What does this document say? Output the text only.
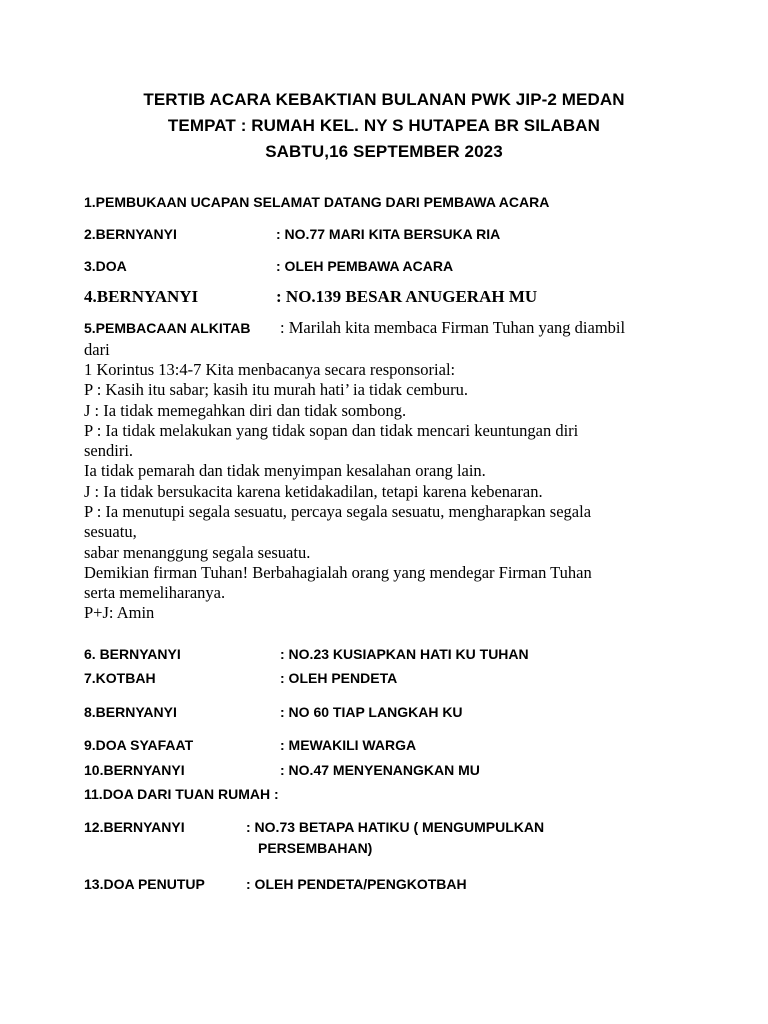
TERTIB ACARA KEBAKTIAN BULANAN PWK JIP-2 MEDAN
TEMPAT : RUMAH KEL. NY S HUTAPEA BR SILABAN
SABTU,16 SEPTEMBER 2023
1.PEMBUKAAN UCAPAN SELAMAT DATANG DARI PEMBAWA ACARA
2.BERNYANYI	: NO.77 MARI KITA BERSUKA RIA
3.DOA	: OLEH PEMBAWA ACARA
4.BERNYANYI	: NO.139 BESAR ANUGERAH MU
5.PEMBACAAN ALKITAB : Marilah kita membaca Firman Tuhan yang diambil
dari
1 Korintus 13:4-7 Kita menbacanya secara responsorial:
P : Kasih itu sabar; kasih itu murah hati’ ia tidak cemburu.
J : Ia tidak memegahkan diri dan tidak sombong.
P : Ia tidak melakukan yang tidak sopan dan tidak mencari keuntungan diri
sendiri.
Ia tidak pemarah dan tidak menyimpan kesalahan orang lain.
J : Ia tidak bersukacita karena ketidakadilan, tetapi karena kebenaran.
P : Ia menutupi segala sesuatu, percaya segala sesuatu, mengharapkan segala
sesuatu,
sabar menanggung segala sesuatu.
Demikian firman Tuhan! Berbahagialah orang yang mendegar Firman Tuhan
serta memeliharanya.
P+J: Amin
6. BERNYANYI	: NO.23 KUSIAPKAN HATI KU TUHAN
7.KOTBAH	: OLEH PENDETA
8.BERNYANYI	: NO 60 TIAP LANGKAH KU
9.DOA SYAFAAT	: MEWAKILI WARGA
10.BERNYANYI	: NO.47 MENYENANGKAN MU
11.DOA DARI TUAN RUMAH :
12.BERNYANYI	: NO.73 BETAPA HATIKU ( MENGUMPULKAN
PERSEMBAHAN)
13.DOA PENUTUP	: OLEH PENDETA/PENGKOTBAH
